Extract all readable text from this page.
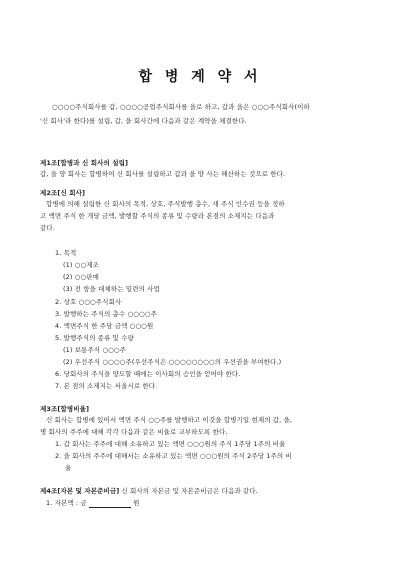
합 병 계 약 서
○○○○주식회사를 갑, ○○○○공업주식회사를 을로 하고, 갑과 을은 ○○○주식회사(이하
'신 회사'라 한다)를 설립, 갑, 을 회사간에 다음과 같은 계약을 체결한다.
제1조[합병과 신 회사의 설립]
갑, 을 양 회사는 합병하여 신 회사를 설립하고 갑과 을 양 사는 해산하는 것으로 한다.
제2조[신 회사]
합병에 의해 설립한 신 회사의 목적, 상호, 주식발행 총수, 새 주식 인수권 등을 정하
고 액면 주식 한 개당 금액, 발행할 주식의 종류 및 수량과 본점의 소재지는 다음과
같다.
1. 목적
(1) ○○제조
(2) ○○판매
(3) 전 항을 대체하는 일련의 사업
2. 상호 ○○○주식회사
3. 발행하는 주식의 총수 ○○○○주
4. 액면주식 한 주당 금액 ○○○원
5. 발행주식의 종류 및 수량
(1) 보통주식 ○○○주
(2) 우선주식 ○○○○주(우선주식은 ○○○○○○○○의 우선권을 부여한다.)
6. 당회사의 주식을 양도할 때에는 이사회의 승인을 얻어야 한다.
7. 본 점의 소재지는 서울시로 한다.
제3조[합병비율]
신 회사는 합병에 있어서 액면 주식 ○○주를 발행하고 이것을 합병기일 현재의 갑, 을,
병 회사의 주주에 대해 각각 다음과 같은 비율로 교부하도록 한다.
1. 갑 회사는 주주에 대해 소유하고 있는 액면 ○○○원의 주식 1주당 1주의 비율
2. 을 회사의 주주에 대해서는 소유하고 있는 액면 ○○○원의 주식 2주당 1주의 비
율
제4조[자본 및 자본준비금] 신 회사의 자본금 및 자본준비금은 다음과 같다.
1. 자본액 : 금	원
